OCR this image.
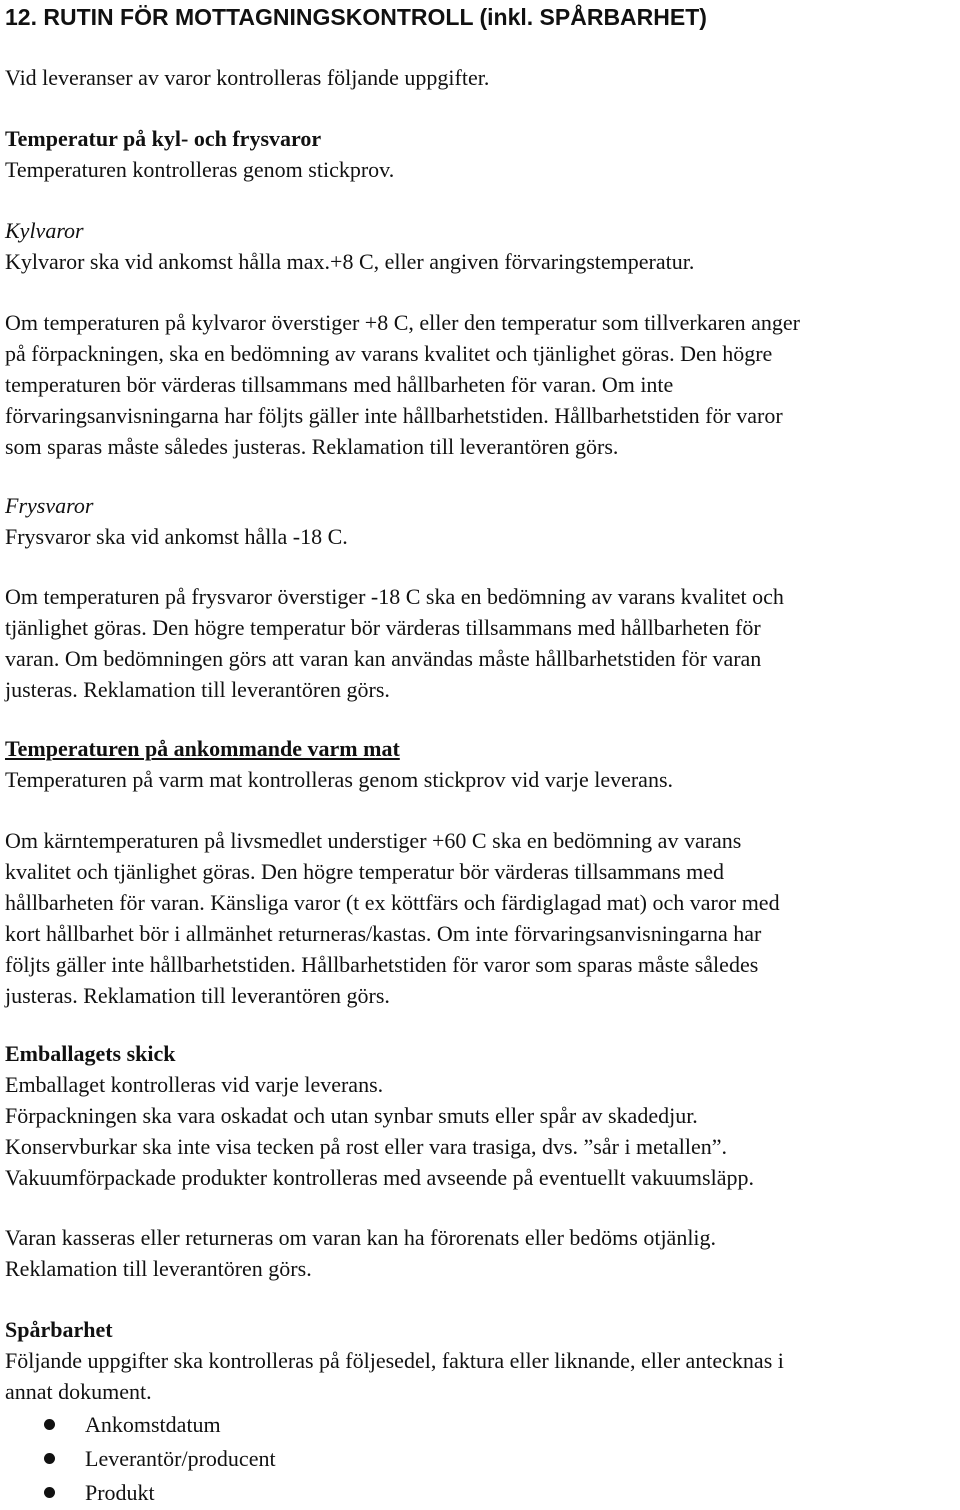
12. RUTIN FÖR MOTTAGNINGSKONTROLL (inkl. SPÅRBARHET)
Vid leveranser av varor kontrolleras följande uppgifter.
Temperatur på kyl- och frysvaror
Temperaturen kontrolleras genom stickprov.
Kylvaror
Kylvaror ska vid ankomst hålla max.+8 C, eller angiven förvaringstemperatur.
Om temperaturen på kylvaror överstiger +8 C, eller den temperatur som tillverkaren anger
på förpackningen, ska en bedömning av varans kvalitet och tjänlighet göras. Den högre
temperaturen bör värderas tillsammans med hållbarheten för varan. Om inte
förvaringsanvisningarna har följts gäller inte hållbarhetstiden. Hållbarhetstiden för varor
som sparas måste således justeras. Reklamation till leverantören görs.
Frysvaror
Frysvaror ska vid ankomst hålla -18 C.
Om temperaturen på frysvaror överstiger -18 C ska en bedömning av varans kvalitet och
tjänlighet göras. Den högre temperatur bör värderas tillsammans med hållbarheten för
varan. Om bedömningen görs att varan kan användas måste hållbarhetstiden för varan
justeras. Reklamation till leverantören görs.
Temperaturen på ankommande varm mat
Temperaturen på varm mat kontrolleras genom stickprov vid varje leverans.
Om kärntemperaturen på livsmedlet understiger +60 C ska en bedömning av varans
kvalitet och tjänlighet göras. Den högre temperatur bör värderas tillsammans med
hållbarheten för varan. Känsliga varor (t ex köttfärs och färdiglagad mat) och varor med
kort hållbarhet bör i allmänhet returneras/kastas. Om inte förvaringsanvisningarna har
följts gäller inte hållbarhetstiden. Hållbarhetstiden för varor som sparas måste således
justeras. Reklamation till leverantören görs.
Emballagets skick
Emballaget kontrolleras vid varje leverans.
Förpackningen ska vara oskadat och utan synbar smuts eller spår av skadedjur.
Konservburkar ska inte visa tecken på rost eller vara trasiga, dvs. ”sår i metallen”.
Vakuumförpackade produkter kontrolleras med avseende på eventuellt vakuumsläpp.
Varan kasseras eller returneras om varan kan ha förorenats eller bedöms otjänlig.
Reklamation till leverantören görs.
Spårbarhet
Följande uppgifter ska kontrolleras på följesedel, faktura eller liknande, eller antecknas i
annat dokument.
Ankomstdatum
Leverantör/producent
Produkt
